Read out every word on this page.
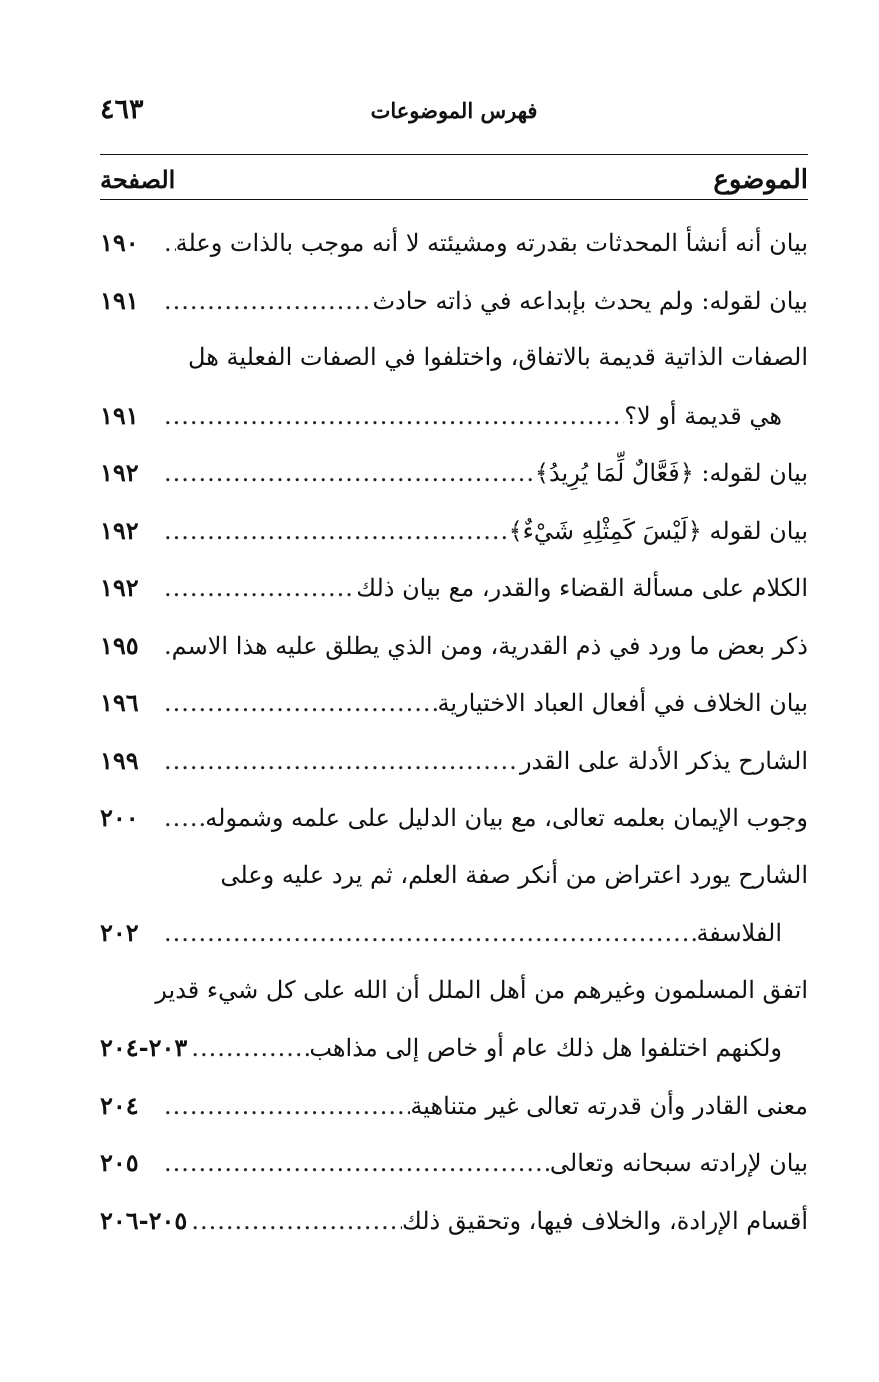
فهرس الموضوعات
٤٦٣
الموضوع
الصفحة
بيان أنه أنشأ المحدثات بقدرته ومشيئته لا أنه موجب بالذات وعلة
.....
١٩٠
بيان لقوله: ولم يحدث بإبداعه في ذاته حادث
.....
١٩١
الصفات الذاتية قديمة بالاتفاق، واختلفوا في الصفات الفعلية هل
هي قديمة أو لا؟
.....
١٩١
بيان لقوله: ﴿فَعَّالٌ لِّمَا يُرِيدُ﴾
.....
١٩٢
بيان لقوله ﴿لَيْسَ كَمِثْلِهِ شَيْءٌ﴾
.....
١٩٢
الكلام على مسألة القضاء والقدر، مع بيان ذلك
.....
١٩٢
ذكر بعض ما ورد في ذم القدرية، ومن الذي يطلق عليه هذا الاسم
.....
١٩٥
بيان الخلاف في أفعال العباد الاختيارية
.....
١٩٦
الشارح يذكر الأدلة على القدر
.....
١٩٩
وجوب الإيمان بعلمه تعالى، مع بيان الدليل على علمه وشموله
.....
٢٠٠
الشارح يورد اعتراض من أنكر صفة العلم، ثم يرد عليه وعلى
الفلاسفة
.....
٢٠٢
اتفق المسلمون وغيرهم من أهل الملل أن الله على كل شيء قدير
ولكنهم اختلفوا هل ذلك عام أو خاص إلى مذاهب
.....
٢٠٣-٢٠٤
معنى القادر وأن قدرته تعالى غير متناهية
.....
٢٠٤
بيان لإرادته سبحانه وتعالى
.....
٢٠٥
أقسام الإرادة، والخلاف فيها، وتحقيق ذلك
.....
٢٠٥-٢٠٦
